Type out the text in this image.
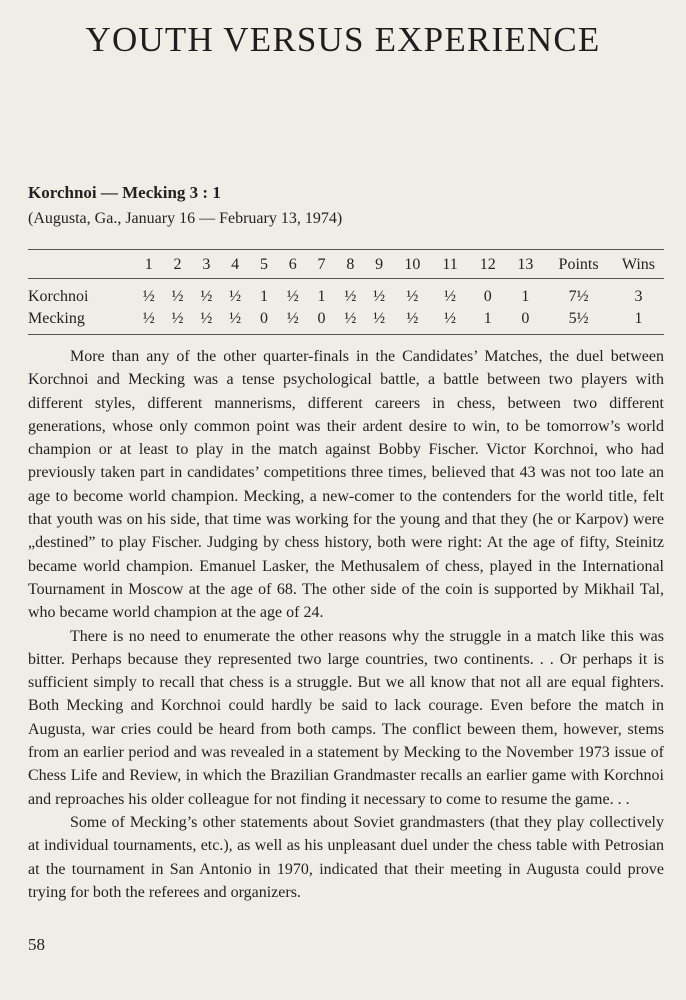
YOUTH VERSUS EXPERIENCE

Korchnoi — Mecking 3 : 1

(Augusta, Ga., January 16 — February 13, 1974)

	1	2	3	4	5	6	7	8	9	10	11	12	13	Points	Wins
Korchnoi	½	½	½	½	1	½	1	½	½	½	½	0	1	7½	3
Mecking	½	½	½	½	0	½	0	½	½	½	½	1	0	5½	1

More than any of the other quarter-finals in the Candidates’ Matches, the duel between Korchnoi and Mecking was a tense psychological battle, a battle between two players with different styles, different mannerisms, different careers in chess, between two different generations, whose only common point was their ardent desire to win, to be tomorrow’s world champion or at least to play in the match against Bobby Fischer. Victor Korchnoi, who had previously taken part in candidates’ competitions three times, believed that 43 was not too late an age to become world champion. Mecking, a new-comer to the contenders for the world title, felt that youth was on his side, that time was working for the young and that they (he or Karpov) were „destined” to play Fischer. Judging by chess history, both were right: At the age of fifty, Steinitz became world champion. Emanuel Lasker, the Methusalem of chess, played in the International Tournament in Moscow at the age of 68. The other side of the coin is supported by Mikhail Tal, who became world champion at the age of 24.

There is no need to enumerate the other reasons why the struggle in a match like this was bitter. Perhaps because they represented two large countries, two continents. . . Or perhaps it is sufficient simply to recall that chess is a struggle. But we all know that not all are equal fighters. Both Mecking and Korchnoi could hardly be said to lack courage. Even before the match in Augusta, war cries could be heard from both camps. The conflict beween them, however, stems from an earlier period and was revealed in a statement by Mecking to the November 1973 issue of Chess Life and Review, in which the Brazilian Grandmaster recalls an earlier game with Korchnoi and reproaches his older colleague for not finding it necessary to come to resume the game. . .

Some of Mecking’s other statements about Soviet grandmasters (that they play collectively at individual tournaments, etc.), as well as his unpleasant duel under the chess table with Petrosian at the tournament in San Antonio in 1970, indicated that their meeting in Augusta could prove trying for both the referees and organizers.

58
